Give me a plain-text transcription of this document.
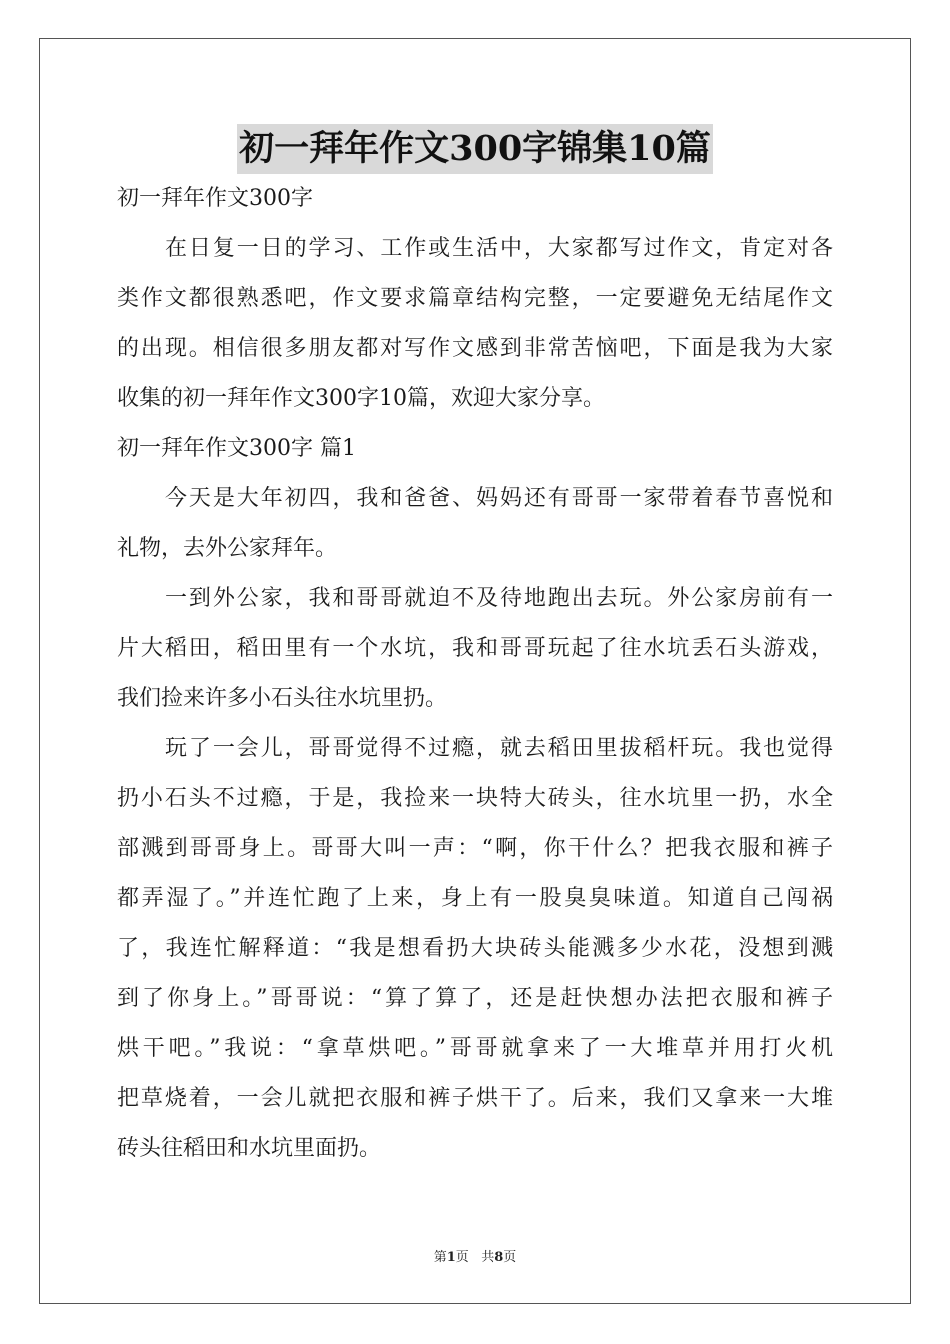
初一拜年作文300字锦集10篇
初一拜年作文300字
在日复一日的学习、工作或生活中，大家都写过作文，肯定对各
类作文都很熟悉吧，作文要求篇章结构完整，一定要避免无结尾作文
的出现。相信很多朋友都对写作文感到非常苦恼吧，下面是我为大家
收集的初一拜年作文300字10篇，欢迎大家分享。
初一拜年作文300字 篇1
今天是大年初四，我和爸爸、妈妈还有哥哥一家带着春节喜悦和
礼物，去外公家拜年。
一到外公家，我和哥哥就迫不及待地跑出去玩。外公家房前有一
片大稻田，稻田里有一个水坑，我和哥哥玩起了往水坑丢石头游戏，
我们捡来许多小石头往水坑里扔。
玩了一会儿，哥哥觉得不过瘾，就去稻田里拔稻杆玩。我也觉得
扔小石头不过瘾，于是，我捡来一块特大砖头，往水坑里一扔，水全
部溅到哥哥身上。哥哥大叫一声：“啊，你干什么？把我衣服和裤子
都弄湿了。”并连忙跑了上来，身上有一股臭臭味道。知道自己闯祸
了，我连忙解释道：“我是想看扔大块砖头能溅多少水花，没想到溅
到了你身上。”哥哥说：“算了算了，还是赶快想办法把衣服和裤子
烘干吧。”我说：“拿草烘吧。”哥哥就拿来了一大堆草并用打火机
把草烧着，一会儿就把衣服和裤子烘干了。后来，我们又拿来一大堆
砖头往稻田和水坑里面扔。
第1页 共8页
